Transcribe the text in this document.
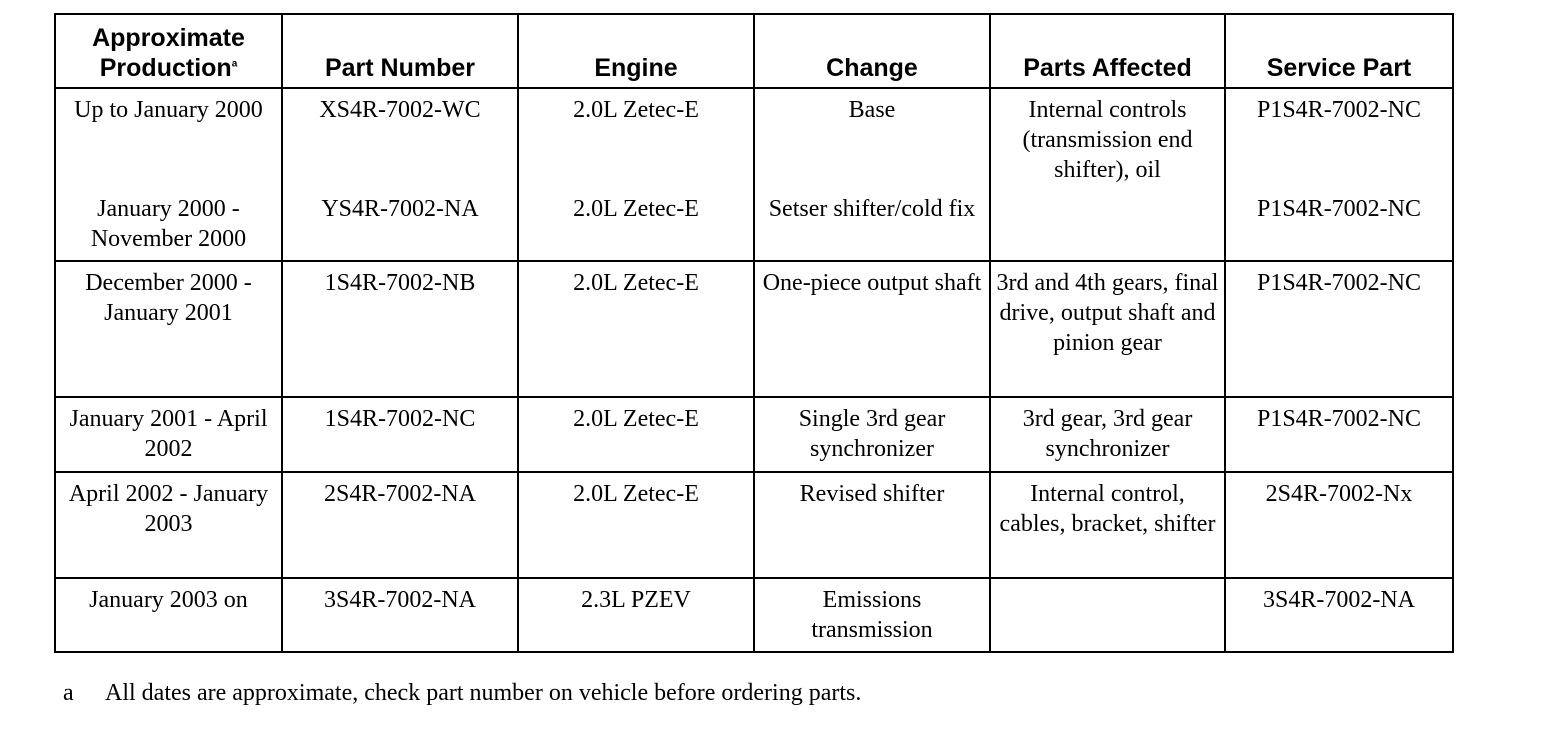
Approximate
Production$^a$	Part Number	Engine	Change	Parts Affected	Service Part
Up to January 2000	XS4R-7002-WC	2.0L Zetec-E	Base	Internal controls (transmission end shifter), oil	P1S4R-7002-NC
January 2000 - November 2000	YS4R-7002-NA	2.0L Zetec-E	Setser shifter/cold fix		P1S4R-7002-NC
December 2000 - January 2001	1S4R-7002-NB	2.0L Zetec-E	One-piece output shaft	3rd and 4th gears, final drive, output shaft and pinion gear	P1S4R-7002-NC
January 2001 - April 2002	1S4R-7002-NC	2.0L Zetec-E	Single 3rd gear synchronizer	3rd gear, 3rd gear synchronizer	P1S4R-7002-NC
April 2002 - January 2003	2S4R-7002-NA	2.0L Zetec-E	Revised shifter	Internal control, cables, bracket, shifter	2S4R-7002-Nx
January 2003 on	3S4R-7002-NA	2.3L PZEV	Emissions transmission		3S4R-7002-NA
a All dates are approximate, check part number on vehicle before ordering parts.
